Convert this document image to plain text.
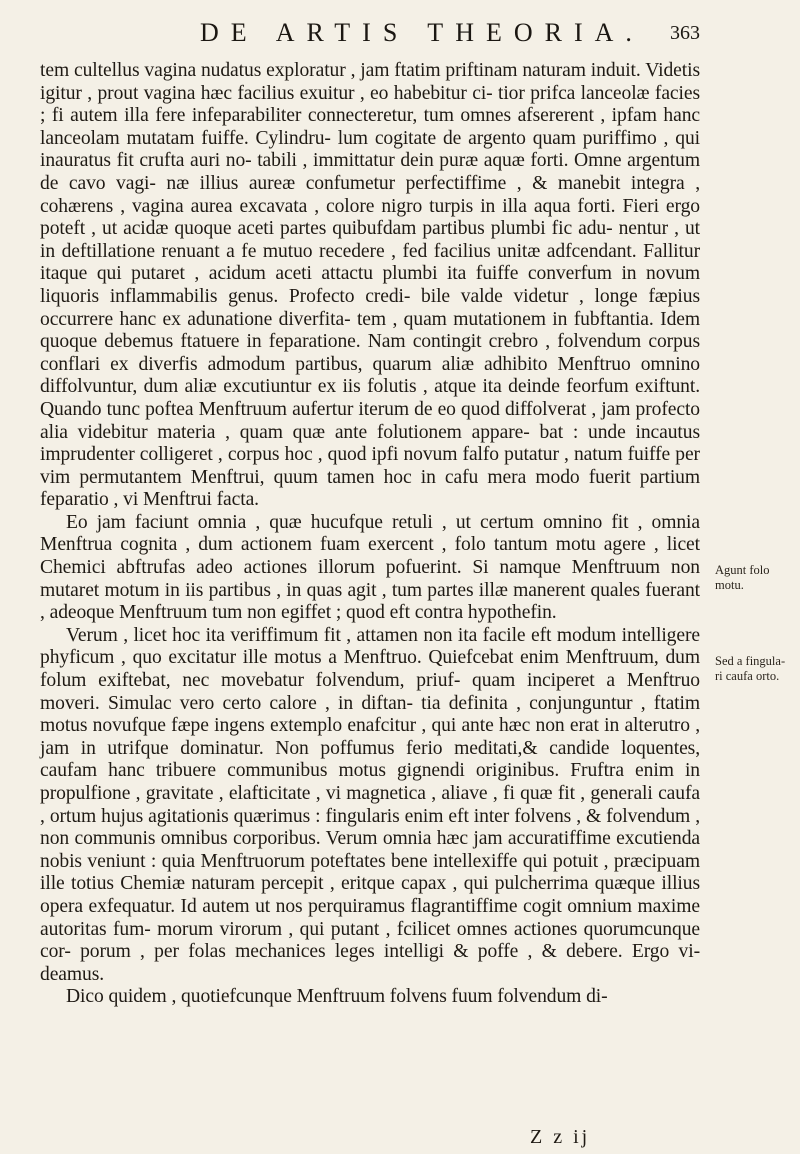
DE ARTIS THEORIA. 363

tem cultellus vagina nudatus exploratur , jam ftatim priftinam naturam induit. Videtis igitur , prout vagina hæc facilius exuitur , eo habebitur ci- tior prifca lanceolæ facies ; fi autem illa fere infeparabiliter connecteretur, tum omnes afsererent , ipfam hanc lanceolam mutatam fuiffe. Cylindru- lum cogitate de argento quam puriffimo , qui inauratus fit crufta auri no- tabili , immittatur dein puræ aquæ forti. Omne argentum de cavo vagi- næ illius aureæ confumetur perfectiffime , & manebit integra , cohærens , vagina aurea excavata , colore nigro turpis in illa aqua forti. Fieri ergo poteft , ut acidæ quoque aceti partes quibufdam partibus plumbi fic adu- nentur , ut in deftillatione renuant a fe mutuo recedere , fed facilius unitæ adfcendant. Fallitur itaque qui putaret , acidum aceti attactu plumbi ita fuiffe converfum in novum liquoris inflammabilis genus. Profecto credi- bile valde videtur , longe fæpius occurrere hanc ex adunatione diverfita- tem , quam mutationem in fubftantia. Idem quoque debemus ftatuere in feparatione. Nam contingit crebro , folvendum corpus conflari ex diverfis admodum partibus, quarum aliæ adhibito Menftruo omnino diffolvuntur, dum aliæ excutiuntur ex iis folutis , atque ita deinde feorfum exiftunt. Quando tunc poftea Menftruum aufertur iterum de eo quod diffolverat , jam profecto alia videbitur materia , quam quæ ante folutionem appare- bat : unde incautus imprudenter colligeret , corpus hoc , quod ipfi novum falfo putatur , natum fuiffe per vim permutantem Menftrui, quum tamen hoc in cafu mera modo fuerit partium feparatio , vi Menftrui facta.

Eo jam faciunt omnia , quæ hucufque retuli , ut certum omnino fit , omnia Menftrua cognita , dum actionem fuam exercent , folo tantum motu agere , licet Chemici abftrufas adeo actiones illorum pofuerint. Si namque Menftruum non mutaret motum in iis partibus , in quas agit , tum partes illæ manerent quales fuerant , adeoque Menftruum tum non egiffet ; quod eft contra hypothefin.

Verum , licet hoc ita veriffimum fit , attamen non ita facile eft modum intelligere phyficum , quo excitatur ille motus a Menftruo. Quiefcebat enim Menftruum, dum folum exiftebat, nec movebatur folvendum, priuf- quam inciperet a Menftruo moveri. Simulac vero certo calore , in diftan- tia definita , conjunguntur , ftatim motus novufque fæpe ingens extemplo enafcitur , qui ante hæc non erat in alterutro , jam in utrifque dominatur. Non poffumus ferio meditati,& candide loquentes, caufam hanc tribuere communibus motus gignendi originibus. Fruftra enim in propulfione , gravitate , elafticitate , vi magnetica , aliave , fi quæ fit , generali caufa , ortum hujus agitationis quærimus : fingularis enim eft inter folvens , & folvendum , non communis omnibus corporibus. Verum omnia hæc jam accuratiffime excutienda nobis veniunt : quia Menftruorum poteftates bene intellexiffe qui potuit , præcipuam ille totius Chemiæ naturam percepit , eritque capax , qui pulcherrima quæque illius opera exfequatur. Id autem ut nos perquiramus flagrantiffime cogit omnium maxime autoritas fum- morum virorum , qui putant , fcilicet omnes actiones quorumcunque cor- porum , per folas mechanices leges intelligi & poffe , & debere. Ergo vi- deamus.

Dico quidem , quotiefcunque Menftruum folvens fuum folvendum di-

Agunt folo motu.
Sed a fingula- ri caufa orto.
Z z ij
